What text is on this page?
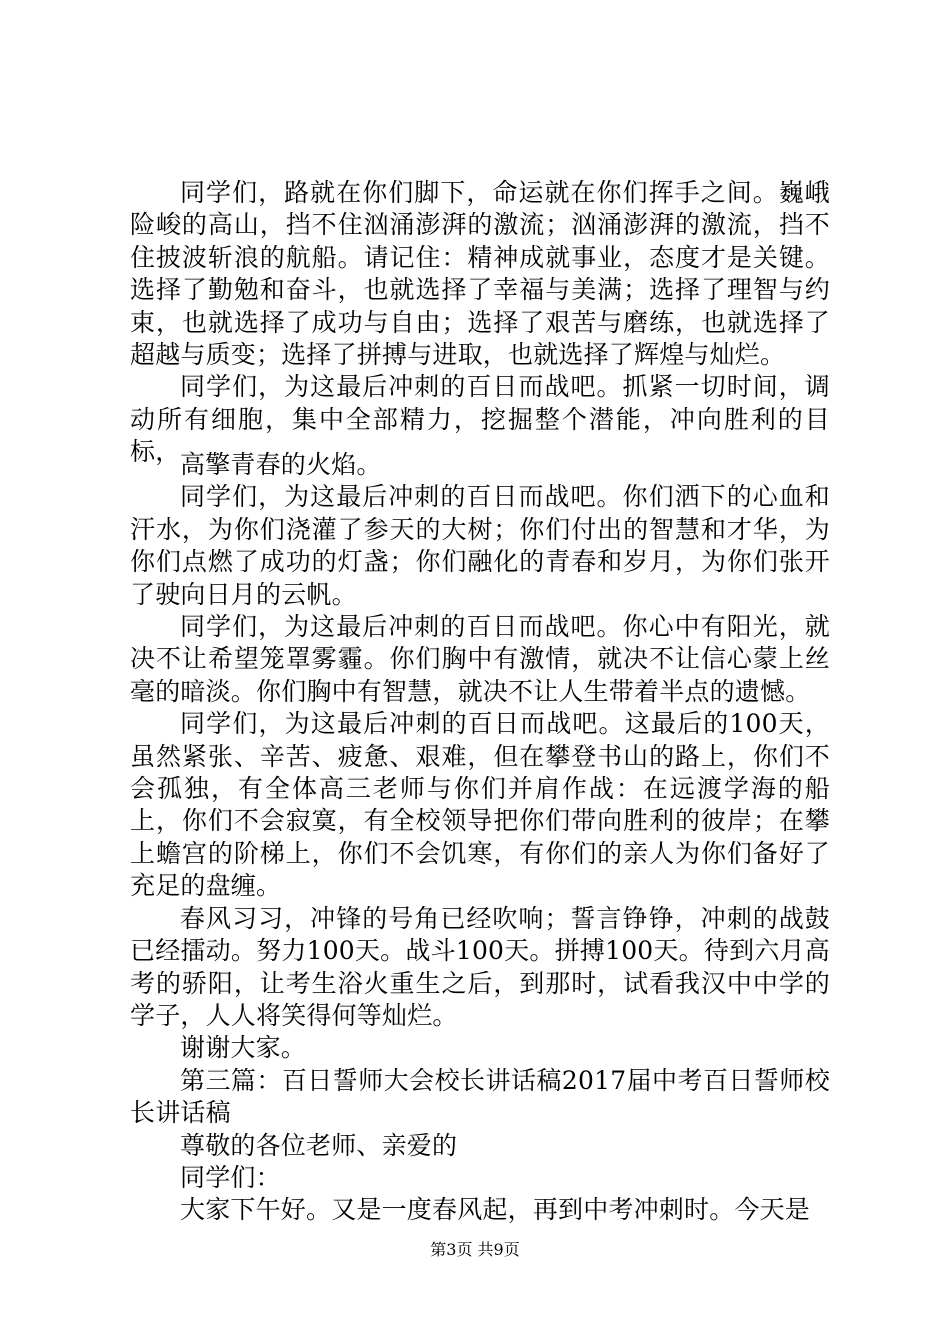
同学们，路就在你们脚下，命运就在你们挥手之间。巍峨险峻的高山，挡不住汹涌澎湃的激流；汹涌澎湃的激流，挡不住披波斩浪的航船。请记住：精神成就事业，态度才是关键。选择了勤勉和奋斗，也就选择了幸福与美满；选择了理智与约束，也就选择了成功与自由；选择了艰苦与磨练，也就选择了超越与质变；选择了拼搏与进取，也就选择了辉煌与灿烂。

同学们，为这最后冲刺的百日而战吧。抓紧一切时间，调动所有细胞，集中全部精力，挖掘整个潜能，冲向胜利的目标， 高擎青春的火焰。

同学们，为这最后冲刺的百日而战吧。你们洒下的心血和汗水，为你们浇灌了参天的大树；你们付出的智慧和才华，为你们点燃了成功的灯盏；你们融化的青春和岁月，为你们张开了驶向日月的云帆。

同学们，为这最后冲刺的百日而战吧。你心中有阳光，就决不让希望笼罩雾霾。你们胸中有激情，就决不让信心蒙上丝毫的暗淡。你们胸中有智慧，就决不让人生带着半点的遗憾。

同学们，为这最后冲刺的百日而战吧。这最后的100天，虽然紧张、辛苦、疲惫、艰难，但在攀登书山的路上，你们不会孤独，有全体高三老师与你们并肩作战：在远渡学海的船上，你们不会寂寞，有全校领导把你们带向胜利的彼岸；在攀上蟾宫的阶梯上，你们不会饥寒，有你们的亲人为你们备好了充足的盘缠。

春风习习，冲锋的号角已经吹响；誓言铮铮，冲刺的战鼓已经擂动。努力100天。战斗100天。拼搏100天。待到六月高考的骄阳，让考生浴火重生之后，到那时，试看我汉中中学的学子，人人将笑得何等灿烂。

谢谢大家。

第三篇：百日誓师大会校长讲话稿2017届中考百日誓师校长讲话稿

尊敬的各位老师、亲爱的

同学们：

大家下午好。又是一度春风起，再到中考冲刺时。今天是

第3页 共9页
